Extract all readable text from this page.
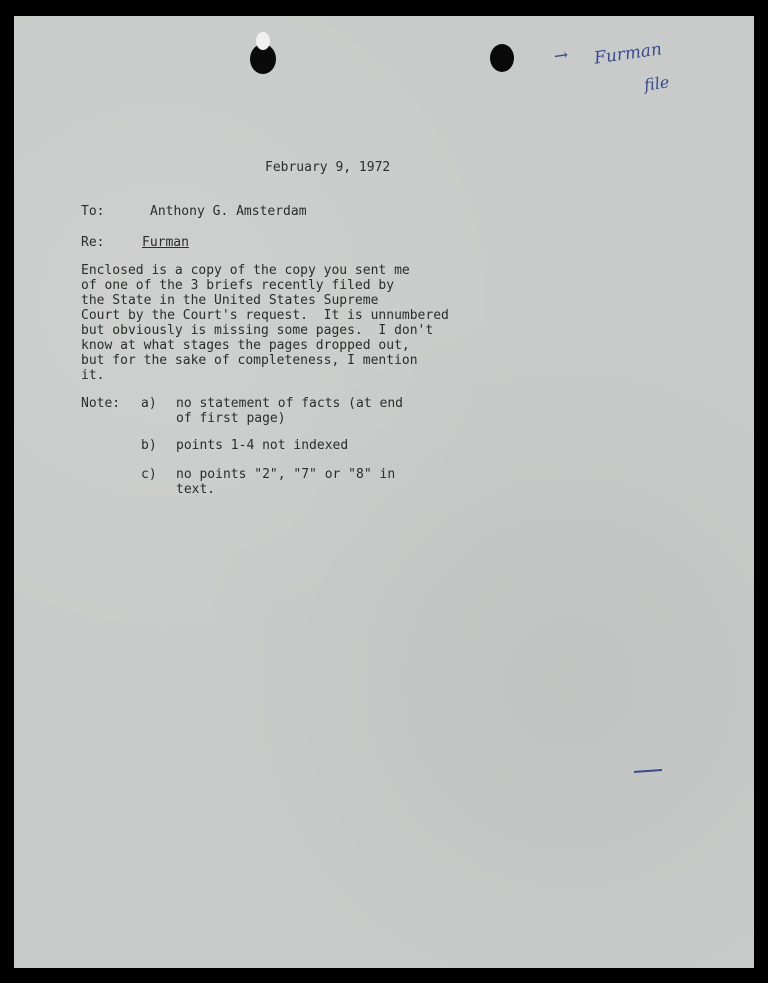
→ Furman
file

February 9, 1972

To:	Anthony G. Amsterdam

Re:	Furman

Enclosed is a copy of the copy you sent me
of one of the 3 briefs recently filed by
the State in the United States Supreme
Court by the Court's request.  It is unnumbered
but obviously is missing some pages.  I don't
know at what stages the pages dropped out,
but for the sake of completeness, I mention
it.

Note: a) no statement of facts (at end
of first page)

b) points 1-4 not indexed

c) no points "2", "7" or "8" in
text.
